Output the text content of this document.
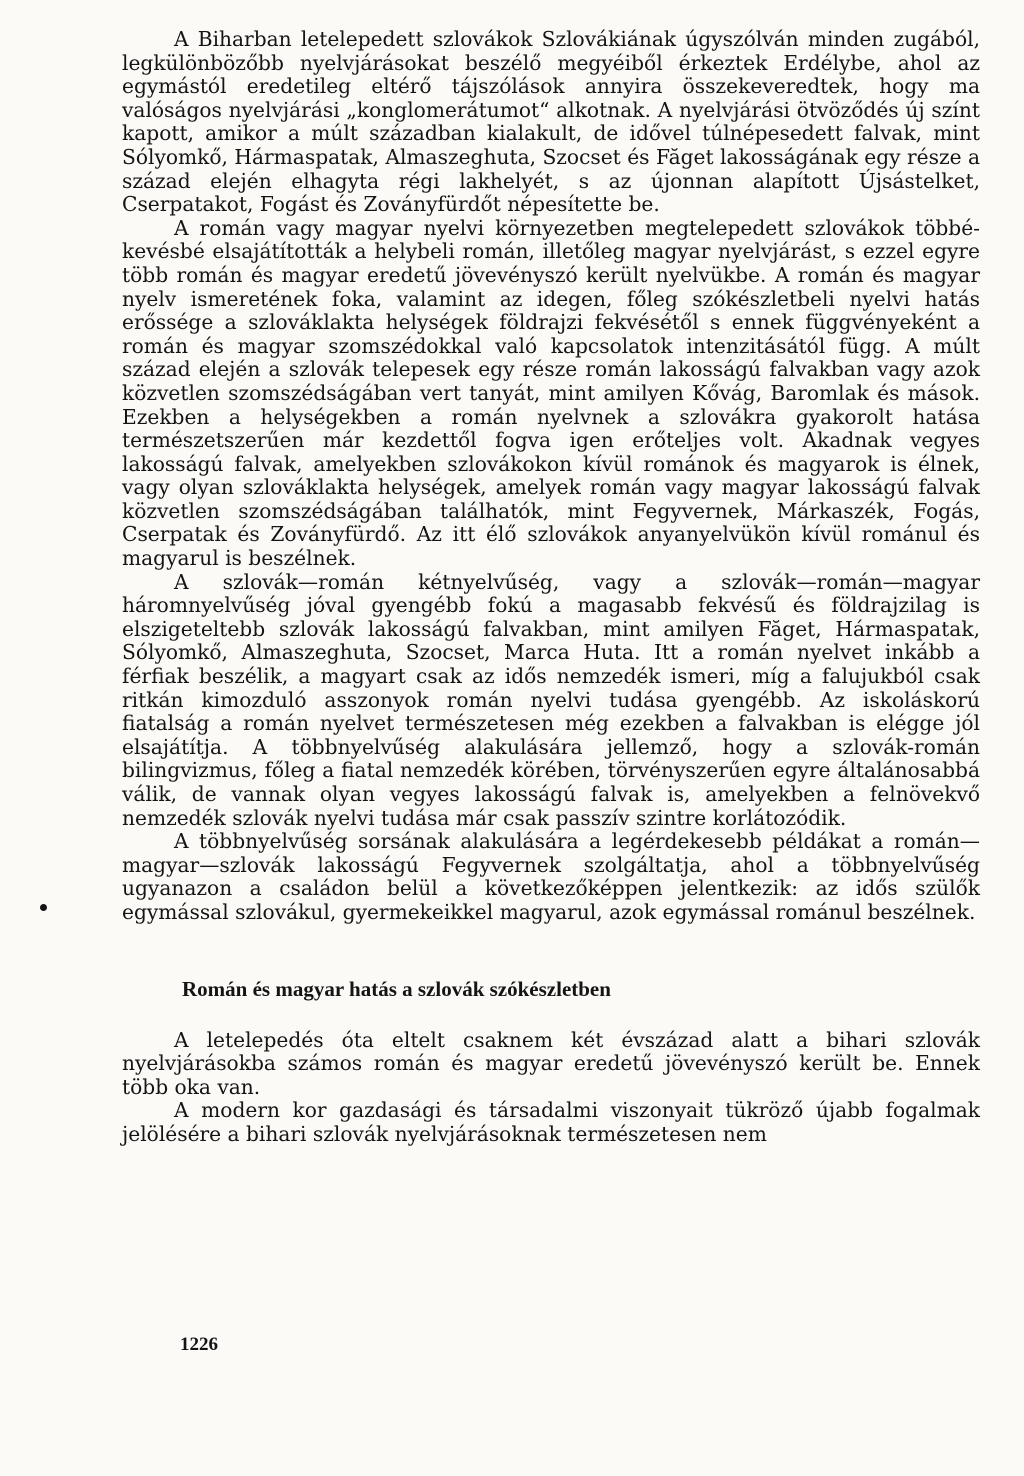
A Biharban letelepedett szlovákok Szlovákiának úgyszólván minden zugából, legkülönbözőbb nyelvjárásokat beszélő megyéiből érkeztek Erdélybe, ahol az egymástól eredetileg eltérő tájszólások annyira összekeveredtek, hogy ma valóságos nyelvjárási „konglomerátumot“ alkotnak. A nyelvjárási ötvöződés új színt kapott, amikor a múlt században kialakult, de idővel túlnépesedett falvak, mint Sólyomkő, Hármaspatak, Almaszeghuta, Szocset és Făget lakosságának egy része a század elején elhagyta régi lakhelyét, s az újonnan alapított Újsástelket, Cserpatakot, Fogást és Zoványfürdőt népesítette be.

A román vagy magyar nyelvi környezetben megtelepedett szlovákok többé-kevésbé elsajátították a helybeli román, illetőleg magyar nyelvjárást, s ezzel egyre több román és magyar eredetű jövevényszó került nyelvükbe. A román és magyar nyelv ismeretének foka, valamint az idegen, főleg szókészletbeli nyelvi hatás erőssége a szlováklakta helységek földrajzi fekvésétől s ennek függvényeként a román és magyar szomszédokkal való kapcsolatok intenzitásától függ. A múlt század elején a szlovák telepesek egy része román lakosságú falvakban vagy azok közvetlen szomszédságában vert tanyát, mint amilyen Kővág, Baromlak és mások. Ezekben a helységekben a román nyelvnek a szlovákra gyakorolt hatása természetszerűen már kezdettől fogva igen erőteljes volt. Akadnak vegyes lakosságú falvak, amelyekben szlovákokon kívül románok és magyarok is élnek, vagy olyan szlováklakta helységek, amelyek román vagy magyar lakosságú falvak közvetlen szomszédságában találhatók, mint Fegyvernek, Márkaszék, Fogás, Cserpatak és Zoványfürdő. Az itt élő szlovákok anyanyelvükön kívül románul és magyarul is beszélnek.

A szlovák—román kétnyelvűség, vagy a szlovák—román—magyar háromnyelvűség jóval gyengébb fokú a magasabb fekvésű és földrajzilag is elszigeteltebb szlovák lakosságú falvakban, mint amilyen Făget, Hármaspatak, Sólyomkő, Almaszeghuta, Szocset, Marca Huta. Itt a román nyelvet inkább a férfiak beszélik, a magyart csak az idős nemzedék ismeri, míg a falujukból csak ritkán kimozduló asszonyok román nyelvi tudása gyengébb. Az iskoláskorú fiatalság a román nyelvet természetesen még ezekben a falvakban is elégge jól elsajátítja. A többnyelvűség alakulására jellemző, hogy a szlovák-román bilingvizmus, főleg a fiatal nemzedék körében, törvényszerűen egyre általánosabbá válik, de vannak olyan vegyes lakosságú falvak is, amelyekben a felnövekvő nemzedék szlovák nyelvi tudása már csak passzív szintre korlátozódik.

A többnyelvűség sorsának alakulására a legérdekesebb példákat a román—magyar—szlovák lakosságú Fegyvernek szolgáltatja, ahol a többnyelvűség ugyanazon a családon belül a következőképpen jelentkezik: az idős szülők egymással szlovákul, gyermekeikkel magyarul, azok egymással románul beszélnek.

Román és magyar hatás a szlovák szókészletben

A letelepedés óta eltelt csaknem két évszázad alatt a bihari szlovák nyelvjárásokba számos román és magyar eredetű jövevényszó került be. Ennek több oka van.

A modern kor gazdasági és társadalmi viszonyait tükröző újabb fogalmak jelölésére a bihari szlovák nyelvjárásoknak természetesen nem

1226
